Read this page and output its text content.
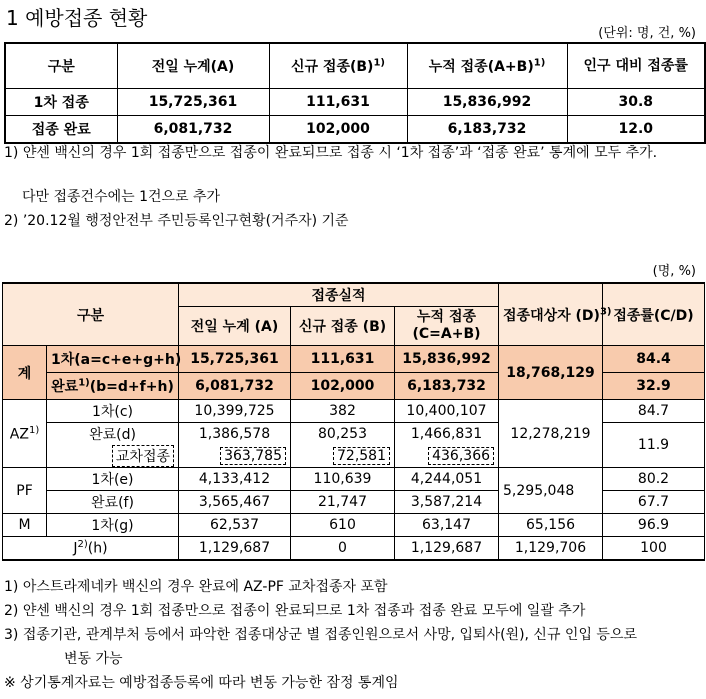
1 예방접종 현황
(단위: 명, 건, %)
구분	전일 누계(A)	신규 접종$(B)^{1)}$	누적 접종$(A+B)^{1)}$	인구 대비 접종률
1차 접종	15,725,361	111,631	15,836,992	30.8
접종 완료	6,081,732	102,000	6,183,732	12.0
1) 얀센 백신의 경우 1회 접종만으로 접종이 완료되므로 접종 시 ‘1차 접종’과 ‘접종 완료’ 통계에 모두 추가.
다만 접종건수에는 1건으로 추가
2) ’20.12월 행정안전부 주민등록인구현황(거주자) 기준
(명, %)
구분		접종실적			접종대상자 $(D)^{3)}$	접종률(C/D)
		전일 누계 (A)	신규 접종 (B)	누적 접종 (C=A+B)		
계	1차(a=c+e+g+h)	15,725,361	111,631	15,836,992	18,768,129	84.4
	완료$^{1)}$(b=d+f+h)	6,081,732	102,000	6,183,732		32.9
AZ$^{1)}$	1차(c)	10,399,725	382	10,400,107	12,278,219	84.7
	완료(d)	1,386,578	80,253	1,466,831		11.9
	교차접종	363,785	72,581	436,366		
PF	1차(e)	4,133,412	110,639	4,244,051	5,295,048	80.2
	완료(f)	3,565,467	21,747	3,587,214		67.7
M	1차(g)	62,537	610	63,147	65,156	96.9
$J^{2)}(h)$		1,129,687	0	1,129,687	1,129,706	100
1) 아스트라제네카 백신의 경우 완료에 AZ-PF 교차접종자 포함
2) 얀센 백신의 경우 1회 접종만으로 접종이 완료되므로 1차 접종과 접종 완료 모두에 일괄 추가
3) 접종기관, 관계부처 등에서 파악한 접종대상군 별 접종인원으로서 사망, 입퇴사(원), 신규 인입 등으로
변동 가능
※ 상기통계자료는 예방접종등록에 따라 변동 가능한 잠정 통계임
